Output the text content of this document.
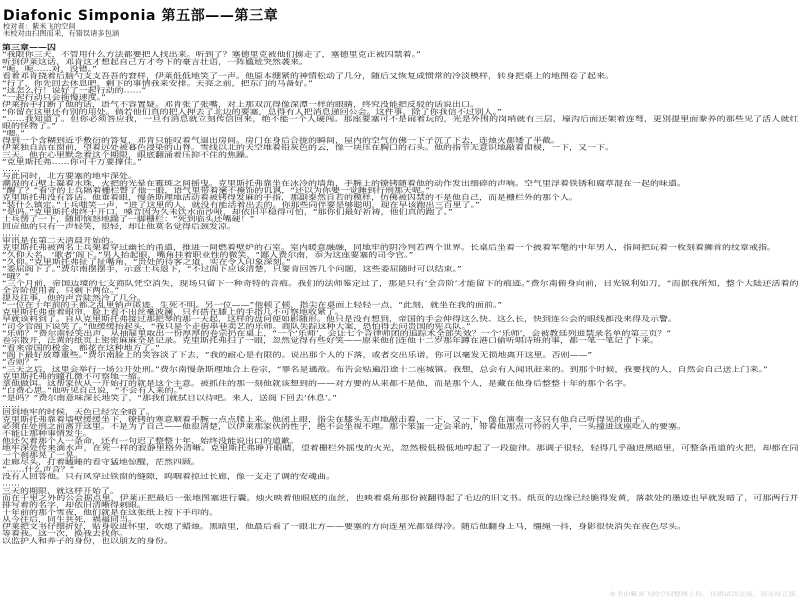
Diafonic Simponia 第五部——第三章
校对者：紫米飞的空间
未校对由扫图而来，有错误请多包涵

第三章——囚

“我限你三天，不管用什么方法都要把人找出来。听到了？塞德里克被他们掳走了，塞德里克正被囚禁着。”

听到伊莱这话，邓肯这才想起自己方才夸下的豪言壮语，一阵尴尬突然袭来。

“呃，呃……对，没错。”

看着邓肯挠着后脑勺支支吾吾的窘样，伊莱低低地笑了一声。他原本绷紧的神情松动了几分，随后又恢复成惯常的冷淡模样，转身把桌上的地图卷了起来。

“行了，你先回去休息吧，剩下的事情我来安排。天亮之前，把东门的马备好。”

“这怎么行！说好了一起行动的……”

“一起行动只会拖慢速度。”

伊莱抬手打断了他的话，语气不容置疑。邓肯张了张嘴，对上那双沉得像深潭一样的眼睛，终究没能把反驳的话说出口。

“你留在这里还有别的用处。倘若他们真的把人押去了北边的要塞，总得有人把消息递回公会。这件事，除了你我信不过别人。”

“……我知道了。但你必须答应我，一旦有消息就立刻传信回来，绝不能一个人硬闯。那座要塞可不是闹着玩的，光是外围的岗哨就有三层，壕沟后面还架着连弩，更别提里面豢养的那些见了活人就红眼的怪物了。”

“嗯。”

得到一个含糊到近乎敷衍的答复，邓肯只能叹着气退出房间。房门在身后合拢的瞬间，屋内的空气仿佛一下子沉了下去，连烛火都矮了半截。

伊莱独自站在窗前，望着远处被暮色浸染的山脊。雪线以北的天空堆着铅灰色的云，像一块压在胸口的石头。他的指节无意识地敲着窗棂，一下，又一下。

三天。他在心里默念着这个期限，眼底翻涌着压抑不住的焦躁。

“克里斯托弗……你可千万要撑住。”

……

与此同时，北方要塞的地牢深处。

潮湿的石壁上凝着水珠，火把的光晕在霉斑之间摇曳。克里斯托弗靠坐在冰冷的墙角，手腕上的镣铐随着他的动作发出细碎的声响。空气里浮着铁锈和腐草混在一起的味道。

“醒了？”看守的士兵隔着栅栏瞥了他一眼，语气里带着毫不掩饰的讥讽，“还以为你要一觉睡到行刑那天呢。”

克里斯托弗没有答话。他垂着眼，慢条斯理地活动着被铐得发麻的手指，那副泰然自若的模样，仿佛被囚禁的不是他自己，而是栅栏外的那个人。

“装什么镇定。”士兵嗤笑一声，“进了这里的人，就没有能活着出去的。你那些同伴要是够聪明，现在早该跑出三百里了。”

“是吗。”克里斯托弗终于开口，嗓音因为久未饮水而沙哑，却依旧平稳得可怕，“那你们最好祈祷，他们真的跑了。”

士兵愣了一下，随即恼怒地踹了一脚栅栏：“死到临头还嘴硬！”

回应他的只有一声轻笑，很轻，却让他莫名觉得后颈发凉。

……

审讯是在第二天清晨开始的。

克里斯托弗被两名士兵架着穿过幽长的甬道，推进一间燃着壁炉的石室。室内暖意融融，同地牢的阴冷判若两个世界。长桌后坐着一个披着军氅的中年男人，指间把玩着一枚刻着狮首的纹章戒指。

“久仰大名，‘歌者’阁下。”男人抬起眼，嘴角挂着职业性的微笑，“鄙人费尔南，忝为这座要塞的司令官。”

“久仰。”克里斯托弗扯了扯嘴角，“贵处的待客之道，实在令人印象深刻。”

“委屈阁下了。”费尔南摆摆手，示意士兵退下，“不过阁下应该清楚，只要肯回答几个问题，这些委屈随时可以结束。”

“哦？”

“三个月前，帝国边境的七支商队凭空消失，现场只留下一种奇特的音痕。我们的法师鉴定过了，那是只有‘全音阶’才能留下的痕迹。”费尔南俯身向前，目光锐利如刀，“而据我所知，整个大陆还活着的全音阶使用者，只剩下两位。”

提及往事，他的声音陡然冷了几分。

“一位在十年前的王都之乱里销声匿迹，生死不明。另一位——”他顿了顿，指尖在桌面上轻轻一点，“此刻，就坐在我的面前。”

克里斯托弗垂着眼帘，脸上看不出丝毫波澜，只有搭在膝上的手指几不可察地收紧了。

早就该料到了。自从克里斯托弗接过那把琴的那一天起，这样的盘问便如影随形。他只是没有想到，帝国的手会伸得这么快、这么长，快到连公会的眼线都没来得及示警。

“司令官阁下说笑了。”他缓缓抬起头，“我只是个走街串巷卖艺的乐师。商队失踪这种大案，恐怕得去问贵国的宪兵队。”

“乐师？”费尔南轻笑出声，从抽屉里取出一份厚厚的卷宗扔在桌上，“一个‘乐师’，会让七个音律师团的追踪术全部失效？一个‘乐师’，会被教廷列进禁录名单的第三页？”

卷宗散开，泛黄的纸页上密密麻麻全是记录。克里斯托弗扫了一眼，忽然觉得有些好笑——原来他们连他十二岁那年蹲在港口偷听唱诗班的事，都一笔一笔记了下来。

“看来帝国的税金，都花在这种地方了。”

“阁下最好放尊重些。”费尔南脸上的笑容淡了下去，“我的耐心是有限的。说出那个人的下落，或者交出乐谱，你可以毫发无损地离开这里。否则——”

“否则？”

“三天之后，这里会举行一场公开处刑。”费尔南慢条斯理地合上卷宗，“罪名是通敌。布告会贴遍沿途十二座城镇。我想，总会有人闻讯赶来的。到那个时候，我要找的人，自然会自己送上门来。”

克里斯托弗的瞳孔微不可察地一缩。

拿他做饵。这帮家伙从一开始打的就是这个主意。被抓住的那一刻他就该想到的——对方要的从来都不是他，而是那个人，是藏在他身后整整十年的那个名字。

“白费心思。”他听见自己说，“不会有人来的。”

“是吗？”费尔南意味深长地笑了，“那我们就拭目以待吧。来人，送阁下回去‘休息’。”

……

回到地牢的时候，天色已经完全暗了。

克里斯托弗靠着墙壁缓缓坐下，镣铐的寒意顺着手腕一点点爬上来。他闭上眼，指尖在膝头无声地敲击着，一下，又一下，像在演奏一支只有他自己听得见的曲子。

必须在处刑之前离开这里。不是为了自己——他很清楚，以伊莱那家伙的性子，绝不会坐视不理。那个笨蛋一定会来的，带着他那点可怜的人手，一头撞进这座吃人的要塞。

不能让那种事情发生。

他还欠着那个人一条命，还有一句迟了整整十年、始终没能说出口的道歉。

地牢深处传来滴水声，在死一样的寂静里格外清晰。克里斯托弗睁开眼睛，望着栅栏外摇曳的火光，忽然极低极低地哼起了一段旋律。那调子很轻，轻得几乎融进黑暗里，可整条甬道的火把，却都在同一个刹那晃了一晃。

走廊尽头，打着瞌睡的看守猛地惊醒，茫然四顾。

“……什么声音？”

没有人回答他。只有风穿过铁窗的缝隙，呜咽着掠过长廊，像一支走了调的安魂曲。

……

三天的期限，就这样开始了。

而在千里之外的公会据点里，伊莱正把最后一张地图塞进行囊。烛火映着他眼底的血丝，也映着桌角那份被翻得起了毛边的旧文书。纸页的边缘已经脆得发黄，落款处的墨迹也早就发暗了，可那两行并排写着的名字，却依旧清晰得刺眼。

十年前的那个雪夜，他们就是在这张纸上按下手印的。

从今往后，同生共死，祸福同当。

伊莱把文书仔细折好，贴身收进怀里，吹熄了蜡烛。黑暗里，他最后看了一眼北方——要塞的方向连星光都显得冷。随后他翻身上马，缰绳一抖，身影很快消失在夜色尽头。

等着我。这一次，换我去找你。

以监护人和养子的身份，也以朋友的身份。

本书由紫米飞的空间整理上传，仅供试读交流，请支持正版
